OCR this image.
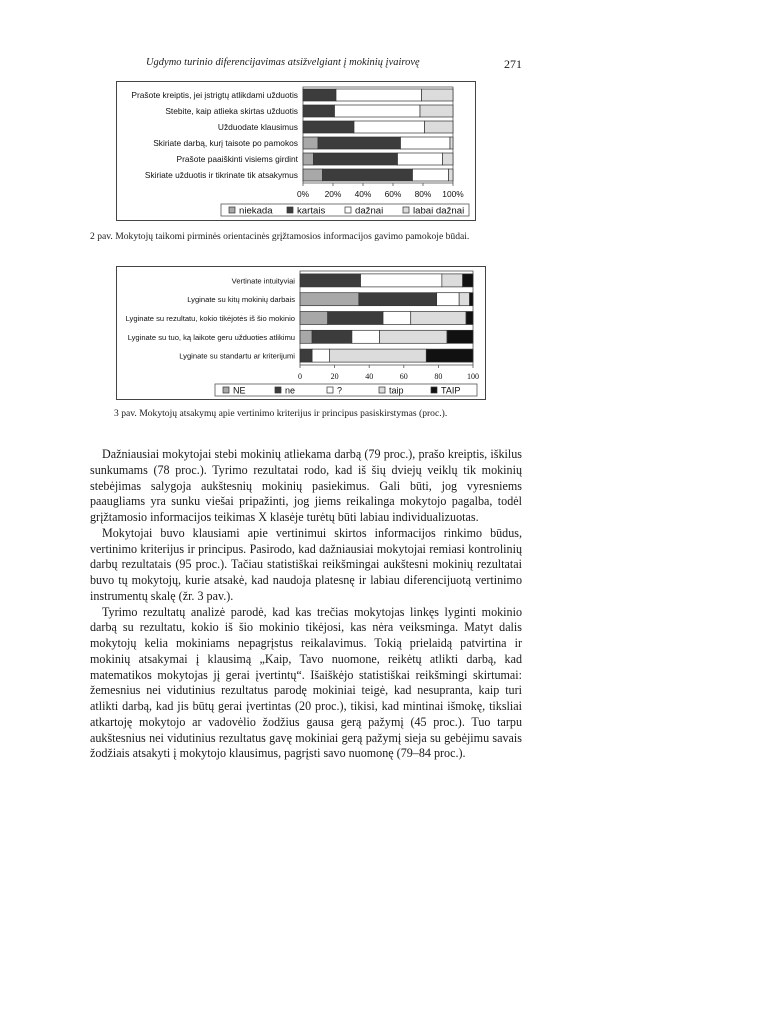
Ugdymo turinio diferencijavimas atsižvelgiant į mokinių įvairovę	271
Prašote kreiptis, jei įstrigtų atlikdami užduotis
Stebite, kaip atlieka skirtas užduotis
Užduodate klausimus
Skiriate darbą, kurį taisote po pamokos
Prašote paaiškinti visiems girdint
Skiriate užduotis ir tikrinate tik atsakymus
0% 20% 40% 60% 80% 100%
niekada	kartais	dažnai	labai dažnai
2 pav. Mokytojų taikomi pirminės orientacinės grįžtamosios informacijos gavimo pamokoje būdai.
Vertinate intuityviai
Lyginate su kitų mokinių darbais
Lyginate su rezultatu, kokio tikėjotės iš šio mokinio
Lyginate su tuo, ką laikote geru užduoties atlikimu
Lyginate su standartu ar kriterijumi
0	20	40	60	80	100
NE	ne	?	taip	TAIP
3 pav. Mokytojų atsakymų apie vertinimo kriterijus ir principus pasiskirstymas (proc.).

Dažniausiai mokytojai stebi mokinių atliekama darbą (79 proc.), prašo kreiptis, iškilus sunkumams (78 proc.). Tyrimo rezultatai rodo, kad iš šių dviejų veiklų tik mokinių stebėjimas salygoja aukštesnių mokinių pasiekimus. Gali būti, jog vyresniems paaugliams yra sunku viešai pripažinti, jog jiems reikalinga mokytojo pagalba, todėl grįžtamosio informacijos teikimas X klasėje turėtų būti labiau individualizuotas.

Mokytojai buvo klausiami apie vertinimui skirtos informacijos rinkimo būdus, vertinimo kriterijus ir principus. Pasirodo, kad dažniausiai mokytojai remiasi kontrolinių darbų rezultatais (95 proc.). Tačiau statistiškai reikšmingai aukštesni mokinių rezultatai buvo tų mokytojų, kurie atsakė, kad naudoja platesnę ir labiau diferencijuotą vertinimo instrumentų skalę (žr. 3 pav.).

Tyrimo rezultatų analizė parodė, kad kas trečias mokytojas linkęs lyginti mokinio darbą su rezultatu, kokio iš šio mokinio tikėjosi, kas nėra veiksminga. Matyt dalis mokytojų kelia mokiniams nepagrįstus reikalavimus. Tokią prielaidą patvirtina ir mokinių atsakymai į klausimą „Kaip, Tavo nuomone, reikėtų atlikti darbą, kad matematikos mokytojas jį gerai įvertintų“. Išaiškėjo statistiškai reikšmingi skirtumai: žemesnius nei vidutinius rezultatus parodę mokiniai teigė, kad nesupranta, kaip turi atlikti darbą, kad jis būtų gerai įvertintas (20 proc.), tikisi, kad mintinai išmokę, tiksliai atkartoję mokytojo ar vadovėlio žodžius gausa gerą pažymį (45 proc.). Tuo tarpu aukštesnius nei vidutinius rezultatus gavę mokiniai gerą pažymį sieja su gebėjimu savais žodžiais atsakyti į mokytojo klausimus, pagrįsti savo nuomonę (79–84 proc.).
